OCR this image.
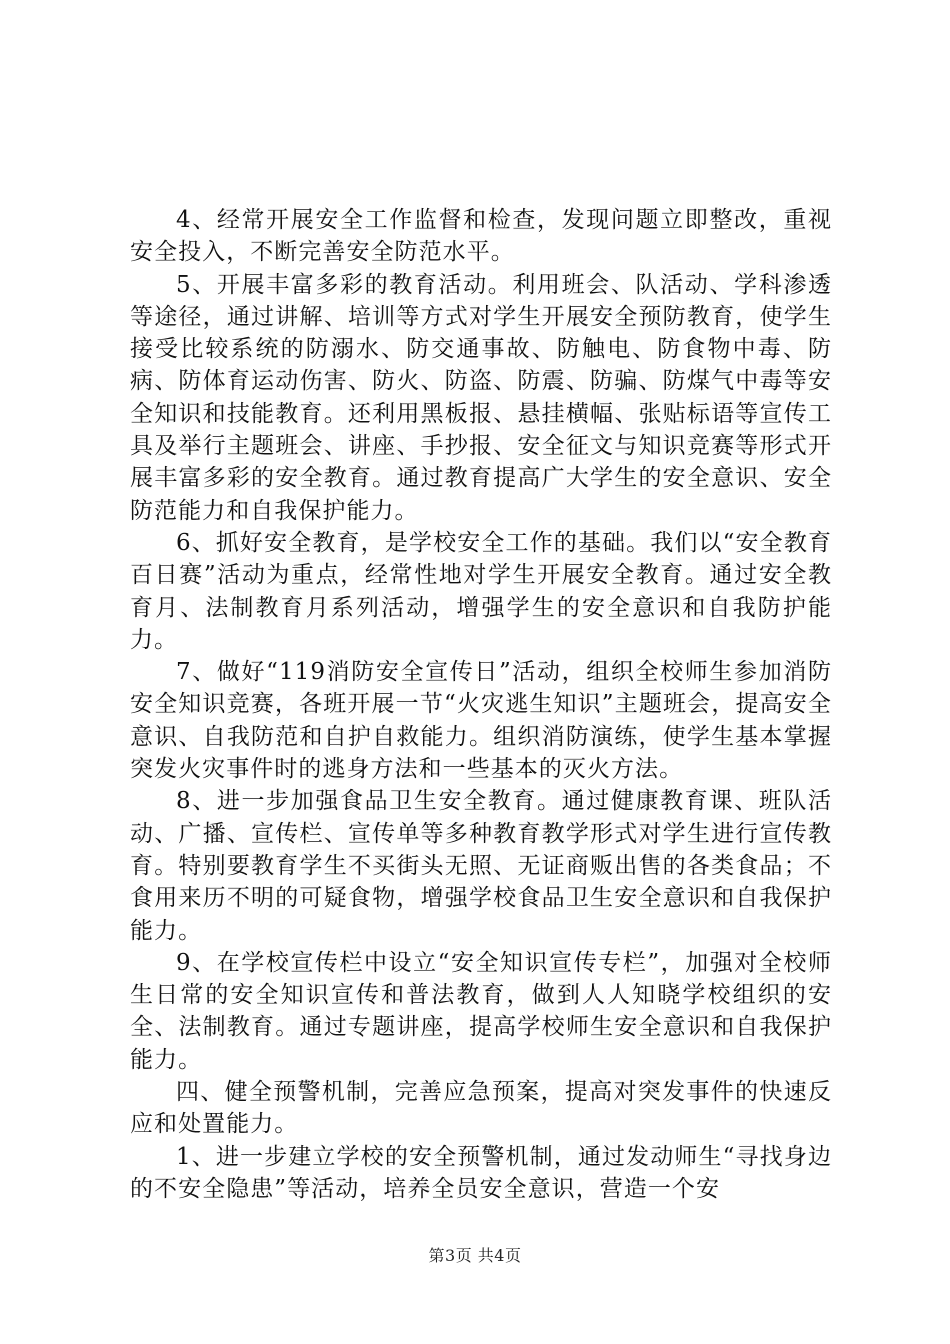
4、经常开展安全工作监督和检查，发现问题立即整改，重视安全投入，不断完善安全防范水平。

5、开展丰富多彩的教育活动。利用班会、队活动、学科渗透等途径，通过讲解、培训等方式对学生开展安全预防教育，使学生接受比较系统的防溺水、防交通事故、防触电、防食物中毒、防病、防体育运动伤害、防火、防盗、防震、防骗、防煤气中毒等安全知识和技能教育。还利用黑板报、悬挂横幅、张贴标语等宣传工具及举行主题班会、讲座、手抄报、安全征文与知识竞赛等形式开展丰富多彩的安全教育。通过教育提高广大学生的安全意识、安全防范能力和自我保护能力。

6、抓好安全教育，是学校安全工作的基础。我们以“安全教育百日赛”活动为重点，经常性地对学生开展安全教育。通过安全教育月、法制教育月系列活动，增强学生的安全意识和自我防护能力。

7、做好“119消防安全宣传日”活动，组织全校师生参加消防安全知识竞赛，各班开展一节“火灾逃生知识”主题班会，提高安全意识、自我防范和自护自救能力。组织消防演练，使学生基本掌握突发火灾事件时的逃身方法和一些基本的灭火方法。

8、进一步加强食品卫生安全教育。通过健康教育课、班队活动、广播、宣传栏、宣传单等多种教育教学形式对学生进行宣传教育。特别要教育学生不买街头无照、无证商贩出售的各类食品；不食用来历不明的可疑食物，增强学校食品卫生安全意识和自我保护能力。

9、在学校宣传栏中设立“安全知识宣传专栏”，加强对全校师生日常的安全知识宣传和普法教育，做到人人知晓学校组织的安全、法制教育。通过专题讲座，提高学校师生安全意识和自我保护能力。

四、健全预警机制，完善应急预案，提高对突发事件的快速反应和处置能力。

1、进一步建立学校的安全预警机制，通过发动师生“寻找身边的不安全隐患”等活动，培养全员安全意识，营造一个安

第3页 共4页
